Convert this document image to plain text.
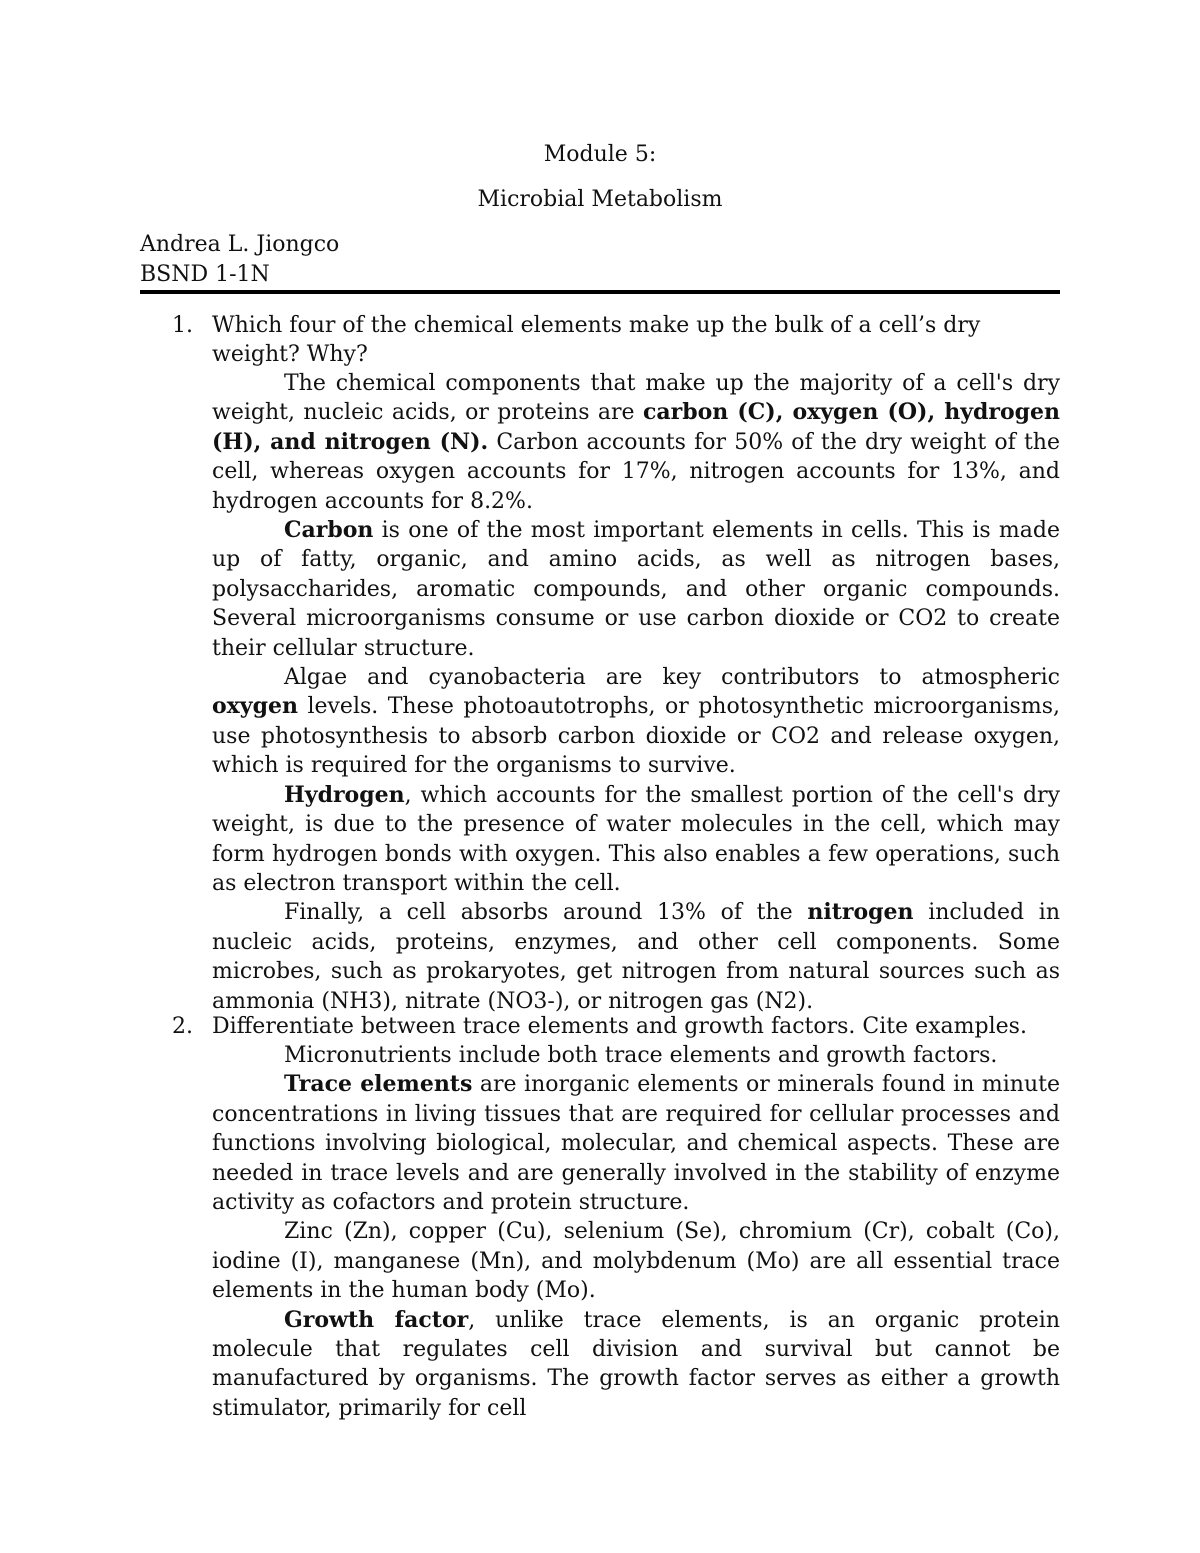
Module 5:
Microbial Metabolism
Andrea L. Jiongco
BSND 1-1N
1. Which four of the chemical elements make up the bulk of a cell’s dry weight? Why?

The chemical components that make up the majority of a cell's dry weight, nucleic acids, or proteins are carbon (C), oxygen (O), hydrogen (H), and nitrogen (N). Carbon accounts for 50% of the dry weight of the cell, whereas oxygen accounts for 17%, nitrogen accounts for 13%, and hydrogen accounts for 8.2%.

Carbon is one of the most important elements in cells. This is made up of fatty, organic, and amino acids, as well as nitrogen bases, polysaccharides, aromatic compounds, and other organic compounds. Several microorganisms consume or use carbon dioxide or CO2 to create their cellular structure.

Algae and cyanobacteria are key contributors to atmospheric oxygen levels. These photoautotrophs, or photosynthetic microorganisms, use photosynthesis to absorb carbon dioxide or CO2 and release oxygen, which is required for the organisms to survive.

Hydrogen, which accounts for the smallest portion of the cell's dry weight, is due to the presence of water molecules in the cell, which may form hydrogen bonds with oxygen. This also enables a few operations, such as electron transport within the cell.

Finally, a cell absorbs around 13% of the nitrogen included in nucleic acids, proteins, enzymes, and other cell components. Some microbes, such as prokaryotes, get nitrogen from natural sources such as ammonia (NH3), nitrate (NO3-), or nitrogen gas (N2).

2. Differentiate between trace elements and growth factors. Cite examples.

Micronutrients include both trace elements and growth factors.

Trace elements are inorganic elements or minerals found in minute concentrations in living tissues that are required for cellular processes and functions involving biological, molecular, and chemical aspects. These are needed in trace levels and are generally involved in the stability of enzyme activity as cofactors and protein structure.

Zinc (Zn), copper (Cu), selenium (Se), chromium (Cr), cobalt (Co), iodine (I), manganese (Mn), and molybdenum (Mo) are all essential trace elements in the human body (Mo).

Growth factor, unlike trace elements, is an organic protein molecule that regulates cell division and survival but cannot be manufactured by organisms. The growth factor serves as either a growth stimulator, primarily for cell
